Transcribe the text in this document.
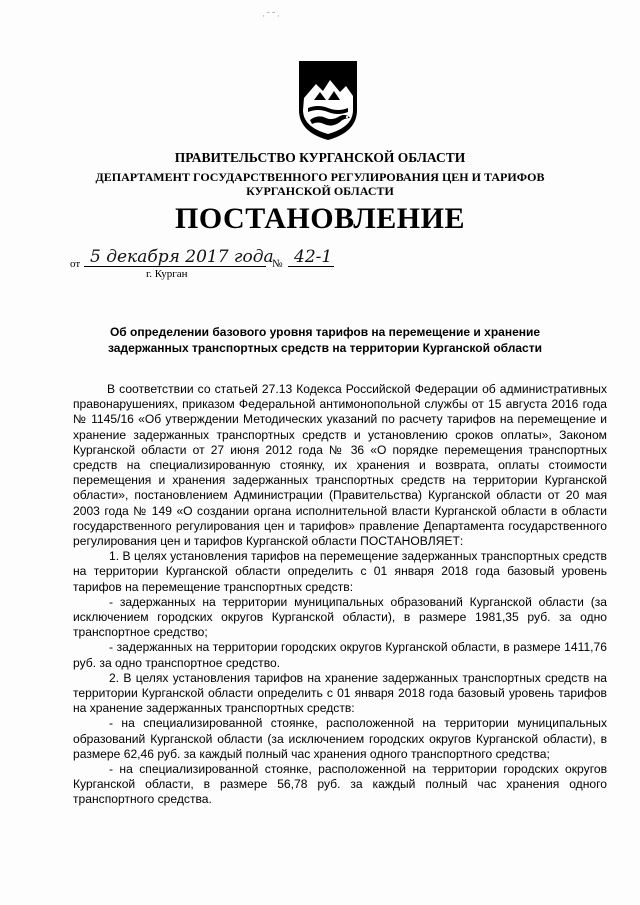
·˜˜·
ПРАВИТЕЛЬСТВО КУРГАНСКОЙ ОБЛАСТИ
ДЕПАРТАМЕНТ ГОСУДАРСТВЕННОГО РЕГУЛИРОВАНИЯ ЦЕН И ТАРИФОВ
КУРГАНСКОЙ ОБЛАСТИ
ПОСТАНОВЛЕНИЕ
от 5 декабря 2017 года
№ 42-1
г. Курган
Об определении базового уровня тарифов на перемещение и хранение
задержанных транспортных средств на территории Курганской области

В соответствии со статьей 27.13 Кодекса Российской Федерации об административных правонарушениях, приказом Федеральной антимонопольной службы от 15 августа 2016 года № 1145/16 «Об утверждении Методических указаний по расчету тарифов на перемещение и хранение задержанных транспортных средств и установлению сроков оплаты», Законом Курганской области от 27 июня 2012 года № 36 «О порядке перемещения транспортных средств на специализированную стоянку, их хранения и возврата, оплаты стоимости перемещения и хранения задержанных транспортных средств на территории Курганской области», постановлением Администрации (Правительства) Курганской области от 20 мая 2003 года № 149 «О создании органа исполнительной власти Курганской области в области государственного регулирования цен и тарифов» правление Департамента государственного регулирования цен и тарифов Курганской области ПОСТАНОВЛЯЕТ:

1. В целях установления тарифов на перемещение задержанных транспортных средств на территории Курганской области определить с 01 января 2018 года базовый уровень тарифов на перемещение транспортных средств:

- задержанных на территории муниципальных образований Курганской области (за исключением городских округов Курганской области), в размере 1981,35 руб. за одно транспортное средство;

- задержанных на территории городских округов Курганской области, в размере 1411,76 руб. за одно транспортное средство.

2. В целях установления тарифов на хранение задержанных транспортных средств на территории Курганской области определить с 01 января 2018 года базовый уровень тарифов на хранение задержанных транспортных средств:

- на специализированной стоянке, расположенной на территории муниципальных образований Курганской области (за исключением городских округов Курганской области), в размере 62,46 руб. за каждый полный час хранения одного транспортного средства;

- на специализированной стоянке, расположенной на территории городских округов Курганской области, в размере 56,78 руб. за каждый полный час хранения одного транспортного средства.
